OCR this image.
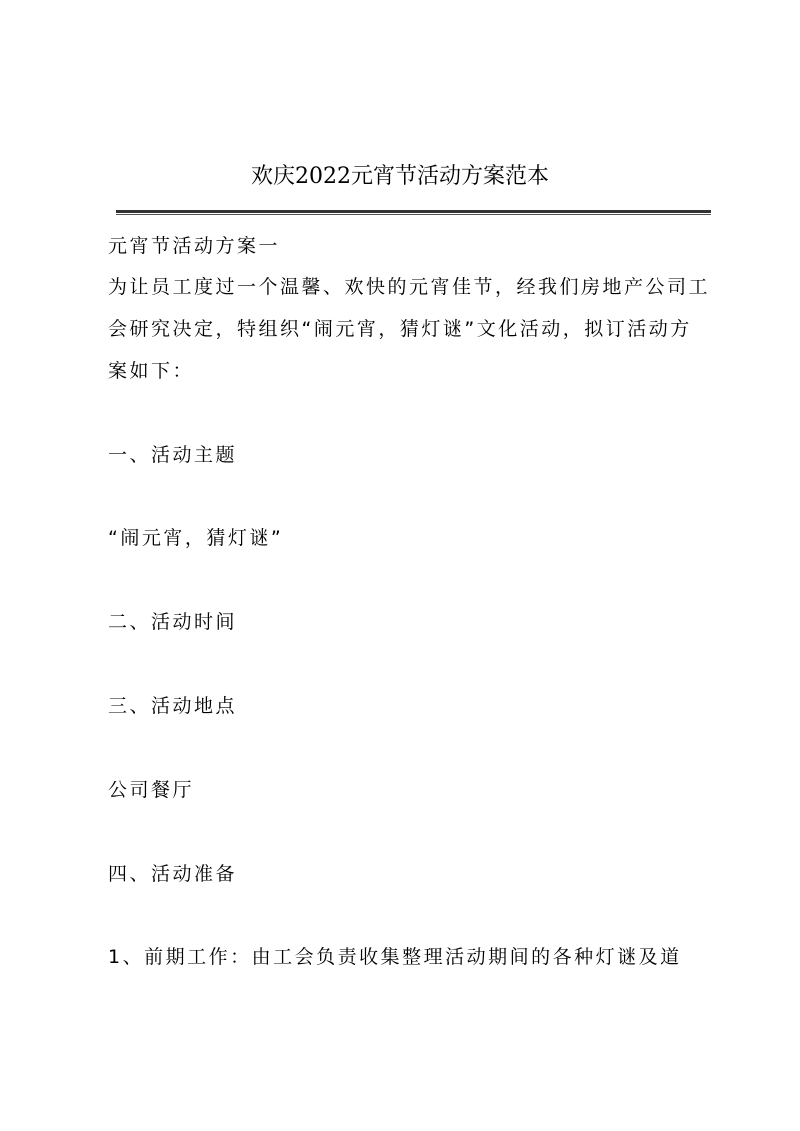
欢庆2022元宵节活动方案范本
元宵节活动方案一
为让员工度过一个温馨、欢快的元宵佳节，经我们房地产公司工
会研究决定，特组织“闹元宵，猜灯谜”文化活动，拟订活动方
案如下：
一、活动主题
“闹元宵，猜灯谜”
二、活动时间
三、活动地点
公司餐厅
四、活动准备
1、前期工作：由工会负责收集整理活动期间的各种灯谜及道
